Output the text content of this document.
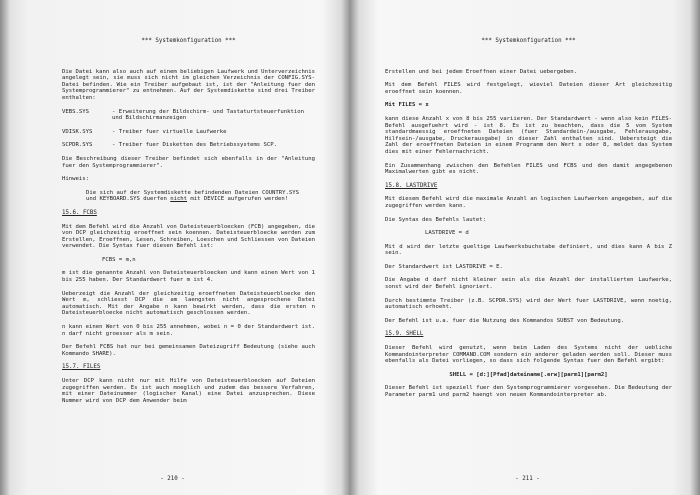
*** Systemkonfiguration ***

Die Datei kann also auch auf einem beliebigen Laufwerk und Unterverzeichnis angelegt sein, sie muss sich nicht im gleichen Verzeichnis der CONFIG.SYS-Datei befinden. Wie ein Treiber aufgebaut ist, ist der "Anleitung fuer den Systemprogrammierer" zu entnehmen. Auf der Systemdiskette sind drei Treiber enthalten:

VEBS.SYS	- Erweiterung der Bildschirm- und Tastaturtsteuerfunktion und Bildschirmanzeigen
VDISK.SYS	- Treiber fuer virtuelle Laufwerke
SCPDR.SYS	- Treiber fuer Disketten des Betriebssystems SCP.

Die Beschreibung dieser Treiber befindet sich ebenfalls in der "Anleitung fuer den Systemprogrammierer".

Hinweis:

Die sich auf der Systemdiskette befindenden Dateien COUNTRY.SYS und KEYBOARD.SYS duerfen nicht mit DEVICE aufgerufen werden!

15.6. FCBS

Mit dem Befehl wird die Anzahl von Dateisteuerbloecken (FCB) angegeben, die von DCP gleichzeitig eroeffnet sein koennen. Dateisteuerbloecke werden zum Erstellen, Eroeffnen, Lesen, Schreiben, Loeschen und Schliessen von Dateien verwendet. Die Syntax fuer diesen Befehl ist:

FCBS = m,n

m ist die genannte Anzahl von Dateisteuerbloecken und kann einen Wert von 1 bis 255 haben. Der Standardwert fuer m ist 4.

Ueberzeigt die Anzahl der gleichzeitig eroeffneten Dateisteuerbloecke den Wert m, schliesst DCP die am laengsten nicht angesprochene Datei automatisch. Mit der Angabe n kann bewirkt werden, dass die ersten n Dateisteuerbloecke nicht automatisch geschlossen werden.

n kann einen Wert von 0 bis 255 annehmen, wobei n = 0 der Standardwert ist. n darf nicht groesser als m sein.

Der Befehl FCBS hat nur bei gemeinsamen Dateizugriff Bedeutung (siehe auch Kommando SHARE).

15.7. FILES

Unter DCP kann nicht nur mit Hilfe von Dateisteuerbloecken auf Dateien zugegriffen werden. Es ist auch moeglich und zudem das bessere Verfahren, mit einer Dateinummer (logischer Kanal) eine Datei anzusprechen. Diese Nummer wird von DCP dem Anwender beim

- 210 -
*** Systemkonfiguration ***

Erstellen und bei jedem Eroeffnen einer Datei uebergeben.

Mit dem Befehl FILES wird festgelegt, wieviel Dateien dieser Art gleichzeitig eroeffnet sein koennen.

Mit FILES = x

kann diese Anzahl x von 8 bis 255 variieren. Der Standardwert - wenn also kein FILES-Befehl ausgefuehrt wird - ist 8. Es ist zu beachten, dass die 5 vom System standardmaessig eroeffneten Dateien (fuer Standardein-/ausgabe, Fehlerausgabe, Hilfsein-/ausgabe, Druckerausgabe) in dieser Zahl enthalten sind. Uebersteigt die Zahl der eroeffneten Dateien in einem Programm den Wert x oder 8, meldet das System dies mit einer Fehlernachricht.

Ein Zusammenhang zwischen den Befehlen FILES und FCBS und den damit angegebenen Maximalwerten gibt es nicht.

15.8. LASTDRIVE

Mit diesem Befehl wird die maximale Anzahl an logischen Laufwerken angegeben, auf die zugegriffen werden kann.

Die Syntax des Befehls lautet:

LASTDRIVE = d

Mit d wird der letzte gueltige Laufwerksbuchstabe definiert, und dies kann A bis Z sein.

Der Standardwert ist LASTDRIVE = E.

Die Angabe d darf nicht kleiner sein als die Anzahl der installierten Laufwerke, sonst wird der Befehl ignoriert.

Durch bestimmte Treiber (z.B. SCPDR.SYS) wird der Wert fuer LASTDRIVE, wenn noetig, automatisch erhoeht.

Der Befehl ist u.a. fuer die Nutzung des Kommandos SUBST von Bedeutung.

15.9. SHELL

Dieser Befehl wird genutzt, wenn beim Laden des Systems nicht der uebliche Kommandointerpreter COMMAND.COM sondern ein anderer geladen werden soll. Dieser muss ebenfalls als Datei vorliegen, so dass sich folgende Syntax fuer den Befehl ergibt:

SHELL = [d:][Pfad]dateiname[.erw][parm1][parm2]

Dieser Befehl ist speziell fuer den Systemprogrammierer vorgesehen. Die Bedeutung der Parameter parm1 und parm2 haengt von neuen Kommandointerpreter ab.

- 211 -
